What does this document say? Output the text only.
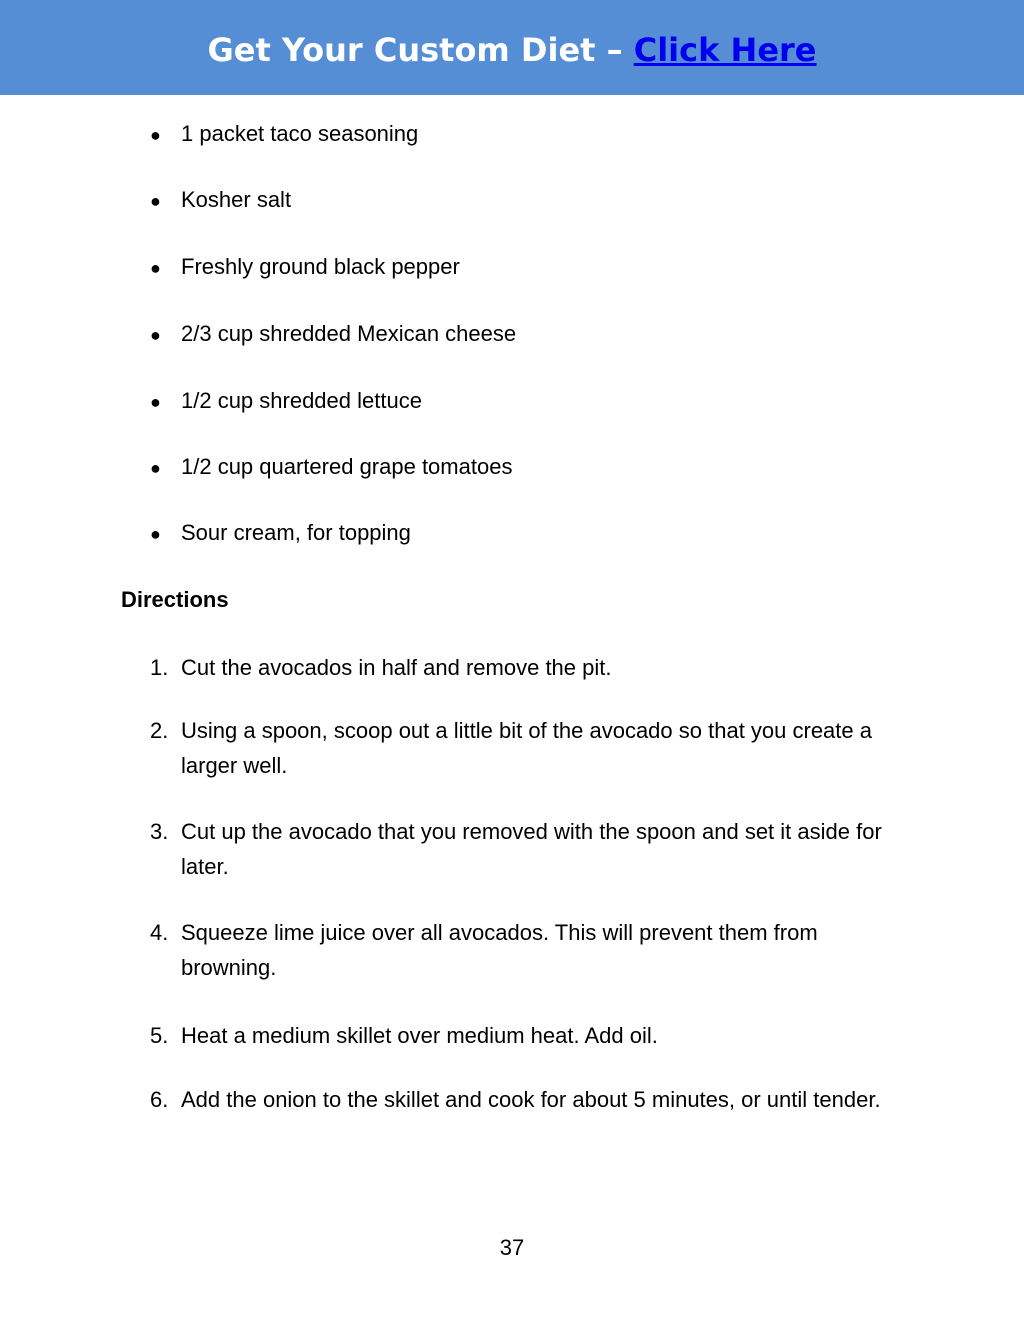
Get Your Custom Diet – Click Here
● 1 packet taco seasoning
● Kosher salt
● Freshly ground black pepper
● 2/3 cup shredded Mexican cheese
● 1/2 cup shredded lettuce
● 1/2 cup quartered grape tomatoes
● Sour cream, for topping
Directions
1. Cut the avocados in half and remove the pit.
2. Using a spoon, scoop out a little bit of the avocado so that you create a larger well.
3. Cut up the avocado that you removed with the spoon and set it aside for later.
4. Squeeze lime juice over all avocados. This will prevent them from browning.
5. Heat a medium skillet over medium heat. Add oil.
6. Add the onion to the skillet and cook for about 5 minutes, or until tender.
37
